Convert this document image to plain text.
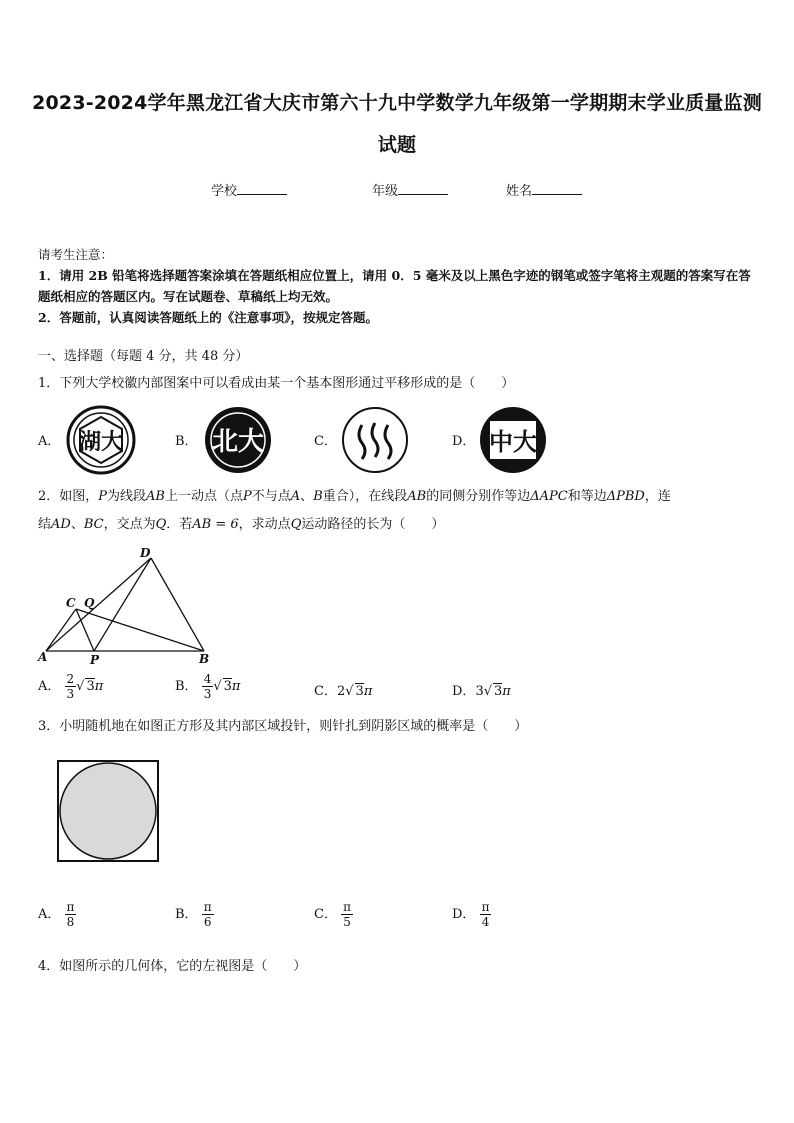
2023-2024学年黑龙江省大庆市第六十九中学数学九年级第一学期期末学业质量监测
试题
学校	年级	姓名
请考生注意：
1．请用 2B 铅笔将选择题答案涂填在答题纸相应位置上，请用 0．5 毫米及以上黑色字迹的钢笔或签字笔将主观题的答案写在答题纸相应的答题区内。写在试题卷、草稿纸上均无效。
2．答题前，认真阅读答题纸上的《注意事项》，按规定答题。
一、选择题（每题 4 分，共 48 分）
1．下列大学校徽内部图案中可以看成由某一个基本图形通过平移形成的是（　　）
A． 湖大	B． 北大	C．	D． 中大
2．如图，P为线段AB上一动点（点P不与点A、B重合），在线段AB的同侧分别作等边ΔAPC和等边ΔPBD，连
结AD、BC，交点为Q．若AB = 6，求动点Q运动路径的长为（　　）
A	B
C
D
P
Q
A． $\frac{2}{3}$ √ 3π	B． $\frac{4}{3}$ √ 3π	C．2√ 3π	D．3√ 3π
3．小明随机地在如图正方形及其内部区域投针，则针扎到阴影区域的概率是（　　）
A． $\frac{\pi}{8}$	B． $\frac{\pi}{6}$	C． $\frac{\pi}{5}$	D． $\frac{\pi}{4}$
4．如图所示的几何体，它的左视图是（　　）
